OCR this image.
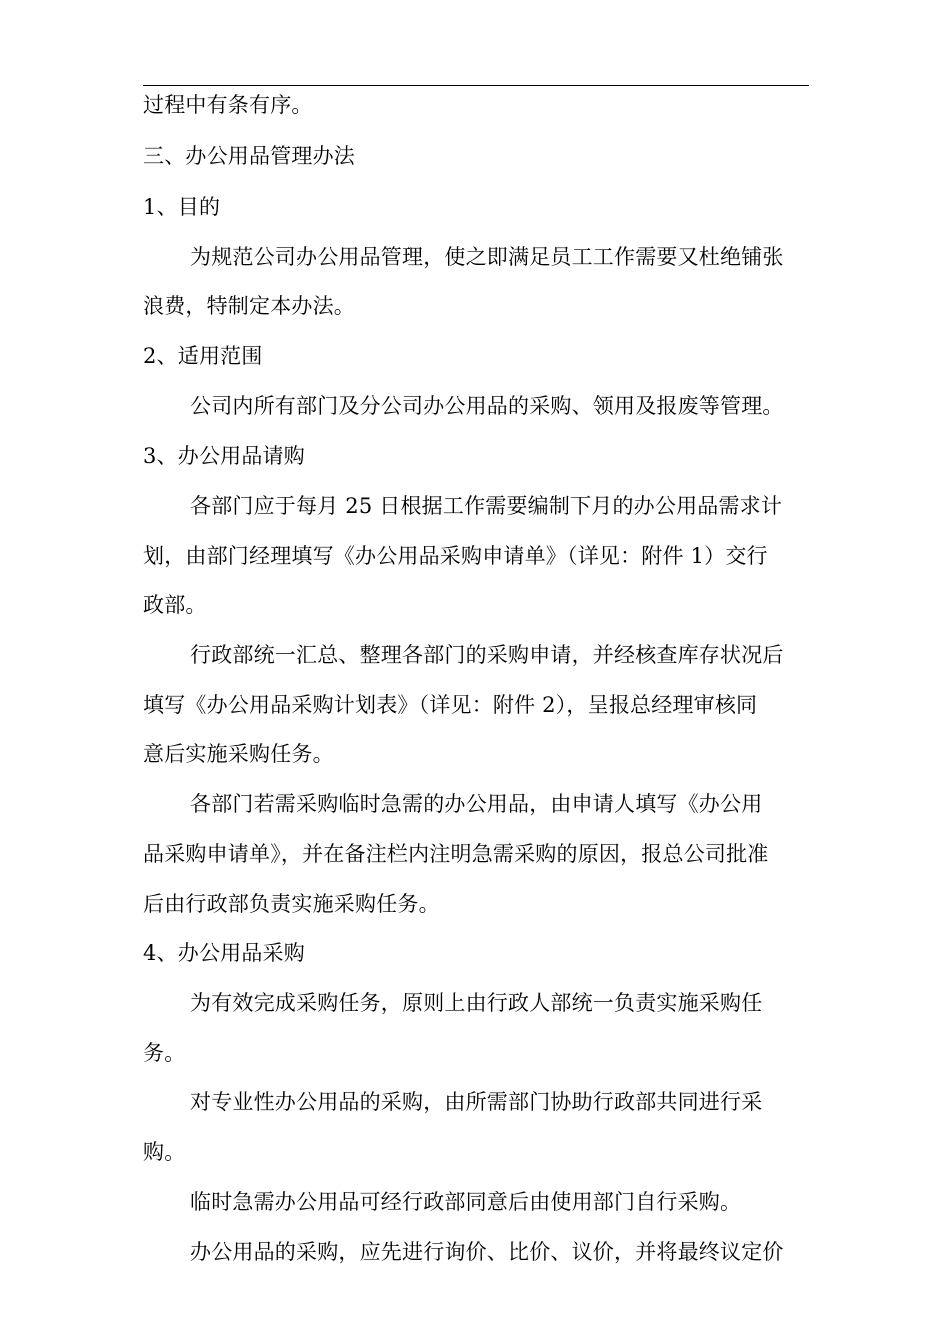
过程中有条有序。
三、办公用品管理办法
1、目的
为规范公司办公用品管理，使之即满足员工工作需要又杜绝铺张
浪费，特制定本办法。
2、适用范围
公司内所有部门及分公司办公用品的采购、领用及报废等管理。
3、办公用品请购
各部门应于每月 25 日根据工作需要编制下月的办公用品需求计
划，由部门经理填写《办公用品采购申请单》（详见：附件 1）交行
政部。
行政部统一汇总、整理各部门的采购申请，并经核查库存状况后
填写《办公用品采购计划表》（详见：附件 2），呈报总经理审核同
意后实施采购任务。
各部门若需采购临时急需的办公用品，由申请人填写《办公用
品采购申请单》，并在备注栏内注明急需采购的原因，报总公司批准
后由行政部负责实施采购任务。
4、办公用品采购
为有效完成采购任务，原则上由行政人部统一负责实施采购任
务。
对专业性办公用品的采购，由所需部门协助行政部共同进行采
购。
临时急需办公用品可经行政部同意后由使用部门自行采购。
办公用品的采购，应先进行询价、比价、议价，并将最终议定价
